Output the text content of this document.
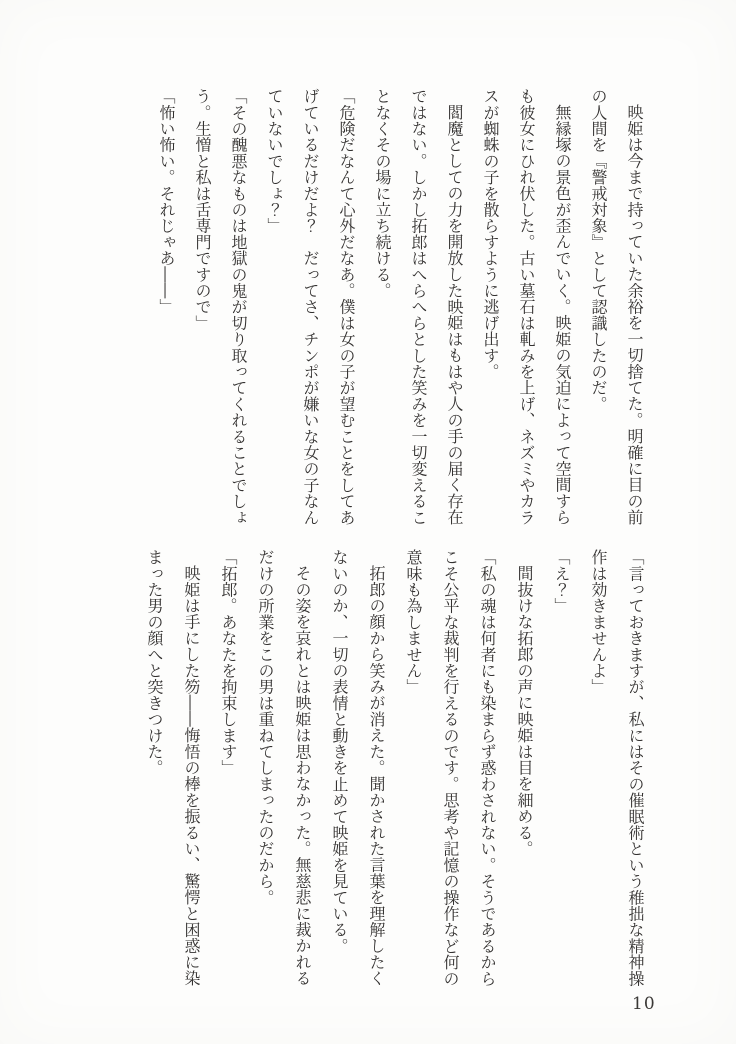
映姫は今まで持っていた余裕を一切捨てた。明確に目の前

の人間を『警戒対象』として認識したのだ。

無縁塚の景色が歪んでいく。映姫の気迫によって空間すら

も彼女にひれ伏した。古い墓石は軋みを上げ、ネズミやカラ

スが蜘蛛の子を散らすように逃げ出す。

閻魔としての力を開放した映姫はもはや人の手の届く存在

ではない。しかし拓郎はへらへらとした笑みを一切変えるこ

となくその場に立ち続ける。

「危険だなんて心外だなあ。僕は女の子が望むことをしてあ

げているだけだよ？　だってさ、チンポが嫌いな女の子なん

ていないでしょ？」

「その醜悪なものは地獄の鬼が切り取ってくれることでしょ

う。生憎と私は舌専門ですので」

「怖い怖い。それじゃあ――」

「言っておきますが、私にはその催眠術という稚拙な精神操

作は効きませんよ」

「え？」

間抜けな拓郎の声に映姫は目を細める。

「私の魂は何者にも染まらず惑わされない。そうであるから

こそ公平な裁判を行えるのです。思考や記憶の操作など何の

意味も為しません」

拓郎の顔から笑みが消えた。聞かされた言葉を理解したく

ないのか、一切の表情と動きを止めて映姫を見ている。

その姿を哀れとは映姫は思わなかった。無慈悲に裁かれる

だけの所業をこの男は重ねてしまったのだから。

「拓郎。あなたを拘束します」

映姫は手にした笏――悔悟の棒を振るい、驚愕と困惑に染

まった男の顔へと突きつけた。

10
